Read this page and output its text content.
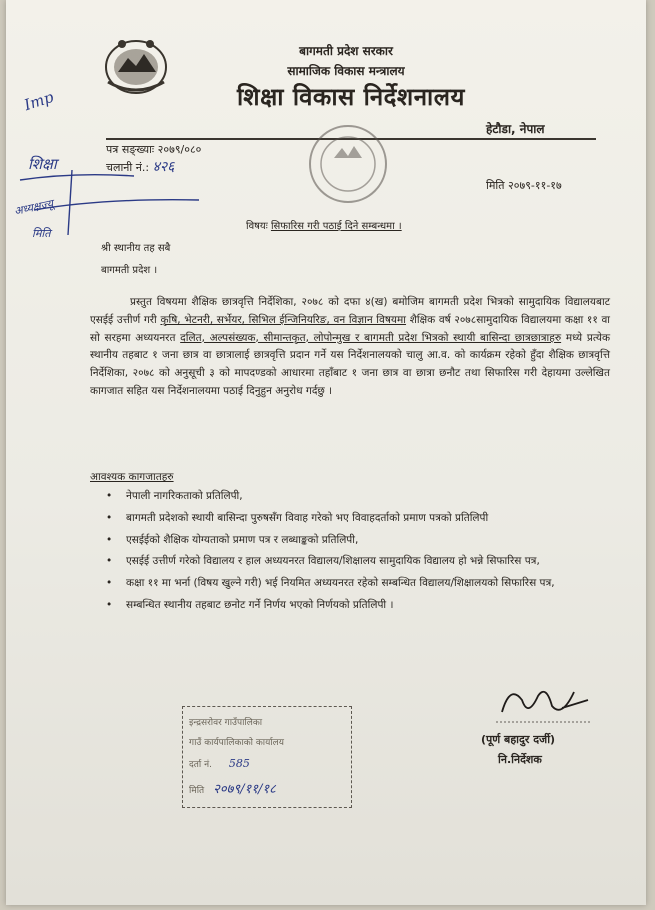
बागमती प्रदेश सरकार
सामाजिक विकास मन्त्रालय
शिक्षा विकास निर्देशनालय
हेटौडा, नेपाल
पत्र सङ्ख्याः २०७९/०८०
चलानी नं.: ४२६
मिति २०७९-११-१७
विषयः सिफारिस गरी पठाई दिने सम्बन्धमा ।
श्री स्थानीय तह सबै
बागमती प्रदेश ।
Imp
शिक्षा
अध्यक्षज्यू
मिति
प्रस्तुत विषयमा शैक्षिक छात्रवृत्ति निर्देशिका, २०७८ को दफा ४(ख) बमोजिम बागमती प्रदेश भित्रको सामुदायिक विद्यालयबाट एसईई उत्तीर्ण गरी कृषि, भेटनरी, सर्भेयर, सिभिल ईन्जिनियरिङ, वन विज्ञान विषयमा शैक्षिक वर्ष २०७८सामुदायिक विद्यालयमा कक्षा ११ वा सो सरहमा अध्ययनरत दलित, अल्पसंख्यक, सीमान्तकृत, लोपोन्मुख र बागमती प्रदेश भित्रको स्थायी बासिन्दा छात्रछात्राहरु मध्ये प्रत्येक स्थानीय तहबाट १ जना छात्र वा छात्रालाई छात्रवृत्ति प्रदान गर्ने यस निर्देशनालयको चालु आ.व. को कार्यक्रम रहेको हुँदा शैक्षिक छात्रवृत्ति निर्देशिका, २०७८ को अनुसूची ३ को मापदण्डको आधारमा तहाँबाट १ जना छात्र वा छात्रा छनौट तथा सिफारिस गरी देहायमा उल्लेखित कागजात सहित यस निर्देशनालयमा पठाई दिनुहुन अनुरोध गर्दछु ।
आवश्यक कागजातहरु
• नेपाली नागरिकताको प्रतिलिपी,
• बागमती प्रदेशको स्थायी बासिन्दा पुरुषसँग विवाह गरेको भए विवाहदर्ताको प्रमाण पत्रको प्रतिलिपी
• एसईईको शैक्षिक योग्यताको प्रमाण पत्र र लब्धाङ्कको प्रतिलिपी,
• एसईई उत्तीर्ण गरेको विद्यालय र हाल अध्ययनरत विद्यालय/शिक्षालय सामुदायिक विद्यालय हो भन्ने सिफारिस पत्र,
• कक्षा ११ मा भर्ना (विषय खुल्ने गरी) भई नियमित अध्ययनरत रहेको सम्बन्धित विद्यालय/शिक्षालयको सिफारिस पत्र,
• सम्बन्धित स्थानीय तहबाट छनोट गर्ने निर्णय भएको निर्णयको प्रतिलिपी ।
(पूर्ण बहादुर दर्जी)
नि.निर्देशक
इन्द्रसरोवर गाउँपालिका
गाउँ कार्यपालिकाको कार्यालय
दर्ता नं. 585
मिति २०७९/११/१८
